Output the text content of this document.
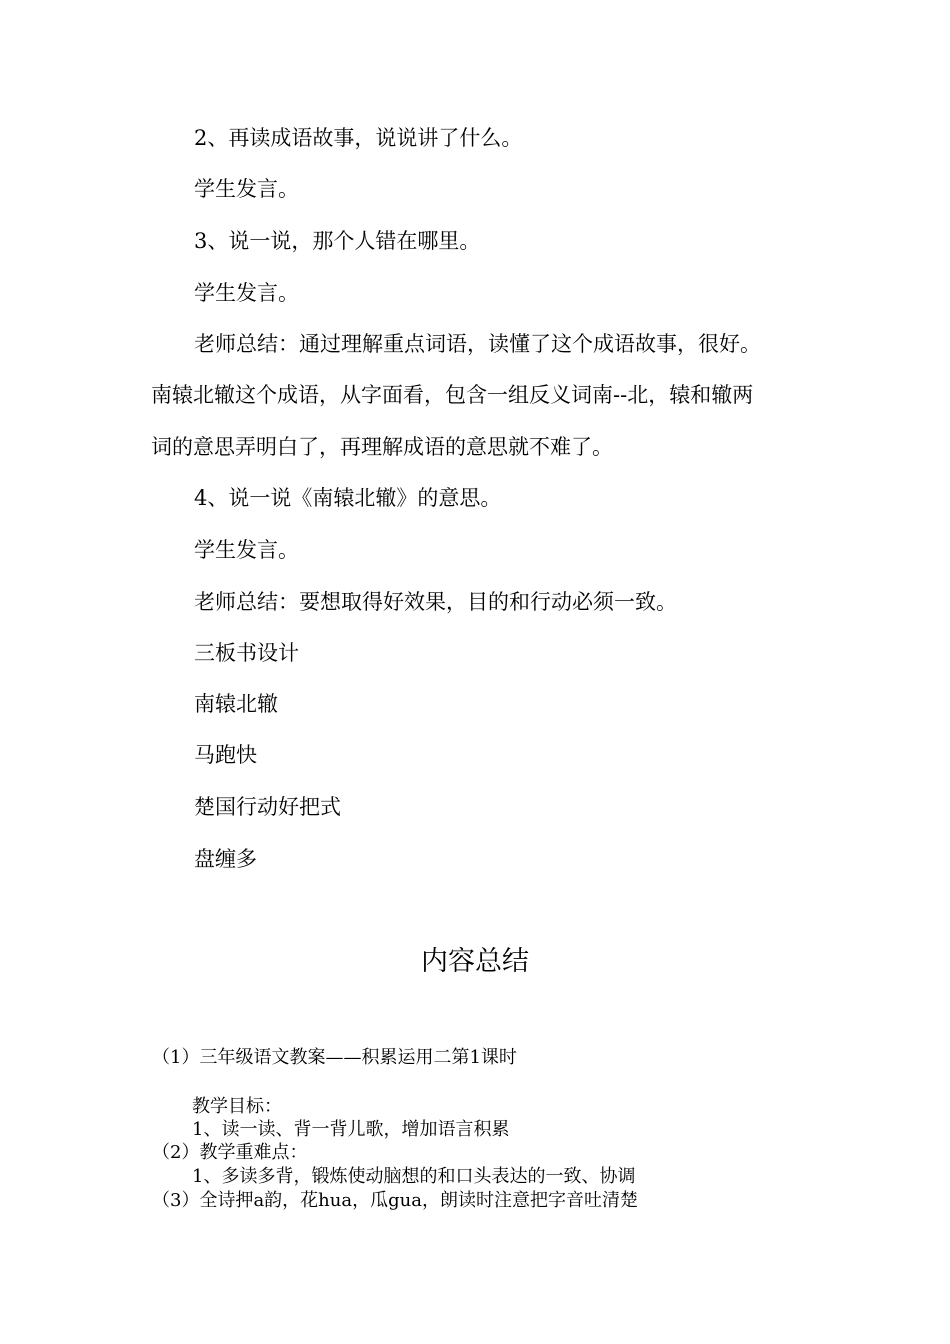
2、再读成语故事，说说讲了什么。
学生发言。
3、说一说，那个人错在哪里。
学生发言。
老师总结：通过理解重点词语，读懂了这个成语故事，很好。
南辕北辙这个成语，从字面看，包含一组反义词南--北，辕和辙两
词的意思弄明白了，再理解成语的意思就不难了。
4、说一说《南辕北辙》的意思。
学生发言。
老师总结：要想取得好效果，目的和行动必须一致。
三板书设计
南辕北辙
马跑快
楚国行动好把式
盘缠多
内容总结
（1）三年级语文教案——积累运用二第1课时
教学目标：
1、读一读、背一背儿歌，增加语言积累
（2）教学重难点：
1、多读多背，锻炼使动脑想的和口头表达的一致、协调
（3）全诗押a韵，花hua，瓜gua，朗读时注意把字音吐清楚
